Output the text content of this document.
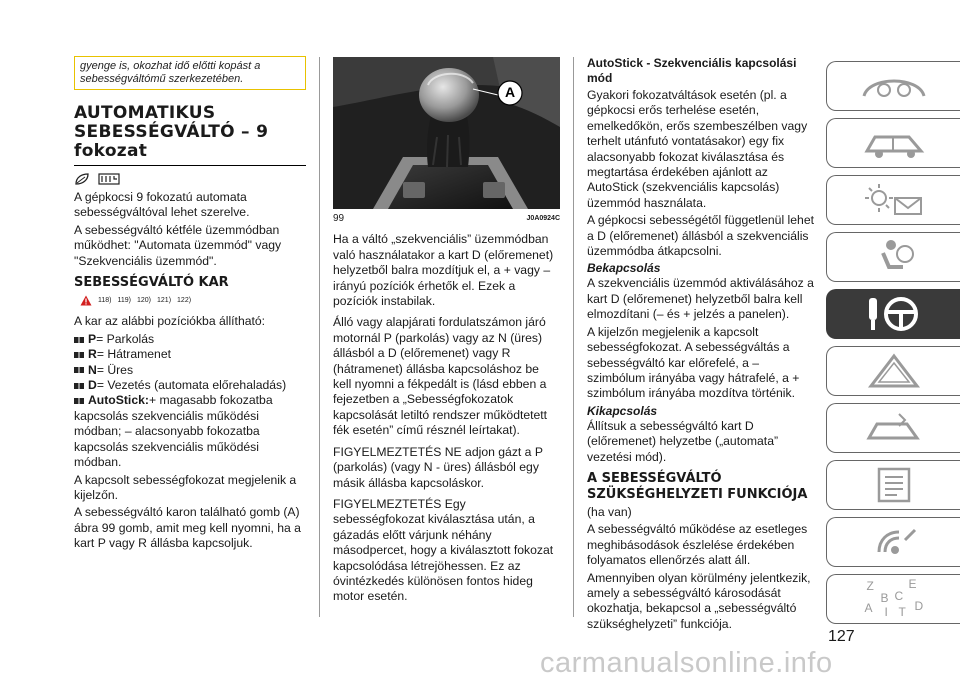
gyenge is, okozhat idő előtti kopást a sebességváltómű szerkezetében.
AUTOMATIKUS
SEBESSÉGVÁLTÓ – 9
fokozat

A gépkocsi 9 fokozatú automata sebességváltóval lehet szerelve.

A sebességváltó kétféle üzemmódban működhet: "Automata üzemmód" vagy "Szekvenciális üzemmód".

SEBESSÉGVÁLTÓ KAR
118) 119) 120) 121) 122)

A kar az alábbi pozíciókba állítható:

P = Parkolás
R = Hátramenet
N = Üres
D = Vezetés (automata előrehaladás)
AutoStick: + magasabb fokozatba

kapcsolás szekvenciális működési módban; – alacsonyabb fokozatba kapcsolás szekvenciális működési módban.

A kapcsolt sebességfokozat megjelenik a kijelzőn.

A sebességváltó karon található gomb (A) ábra 99 gomb, amit meg kell nyomni, ha a kart P vagy R állásba kapcsoljuk.

A
99	J0A0924C

Ha a váltó „szekvenciális” üzemmódban való használatakor a kart D (előremenet) helyzetből balra mozdítjuk el, a + vagy – irányú pozíciók érhetők el. Ezek a pozíciók instabilak.

Álló vagy alapjárati fordulatszámon járó motornál P (parkolás) vagy az N (üres) állásból a D (előremenet) vagy R (hátramenet) állásba kapcsoláshoz be kell nyomni a fékpedált is (lásd ebben a fejezetben a „Sebességfokozatok kapcsolását letiltó rendszer működtetett fék esetén” című résznél leírtakat).

FIGYELMEZTETÉS NE adjon gázt a P (parkolás) (vagy N - üres) állásból egy másik állásba kapcsoláskor.

FIGYELMEZTETÉS Egy sebességfokozat kiválasztása után, a gázadás előtt várjunk néhány másodpercet, hogy a kiválasztott fokozat kapcsolódása létrejöhessen. Ez az óvintézkedés különösen fontos hideg motor esetén.

AutoStick - Szekvenciális kapcsolási mód

Gyakori fokozatváltások esetén (pl. a gépkocsi erős terhelése esetén, emelkedőkön, erős szembeszélben vagy terhelt utánfutó vontatásakor) egy fix alacsonyabb fokozat kiválasztása és megtartása érdekében ajánlott az AutoStick (szekvenciális kapcsolás) üzemmód használata.

A gépkocsi sebességétől függetlenül lehet a D (előremenet) állásból a szekvenciális üzemmódba átkapcsolni.

Bekapcsolás

A szekvenciális üzemmód aktiválásához a kart D (előremenet) helyzetből balra kell elmozdítani (– és + jelzés a panelen).

A kijelzőn megjelenik a kapcsolt sebességfokozat. A sebességváltás a sebességváltó kar előrefelé, a – szimbólum irányába vagy hátrafelé, a + szimbólum irányába mozdítva történik.

Kikapcsolás

Állítsuk a sebességváltó kart D (előremenet) helyzetbe („automata” vezetési mód).

A SEBESSÉGVÁLTÓ
SZÜKSÉGHELYZETI FUNKCIÓJA

(ha van)

A sebességváltó működése az esetleges meghibásodások észlelése érdekében folyamatos ellenőrzés alatt áll.

Amennyiben olyan körülmény jelentkezik, amely a sebességváltó károsodását okozhatja, bekapcsol a „sebességváltó szükséghelyzeti” funkciója.

Z	E
B C
A	D
I T
127
carmanualsonline.info
